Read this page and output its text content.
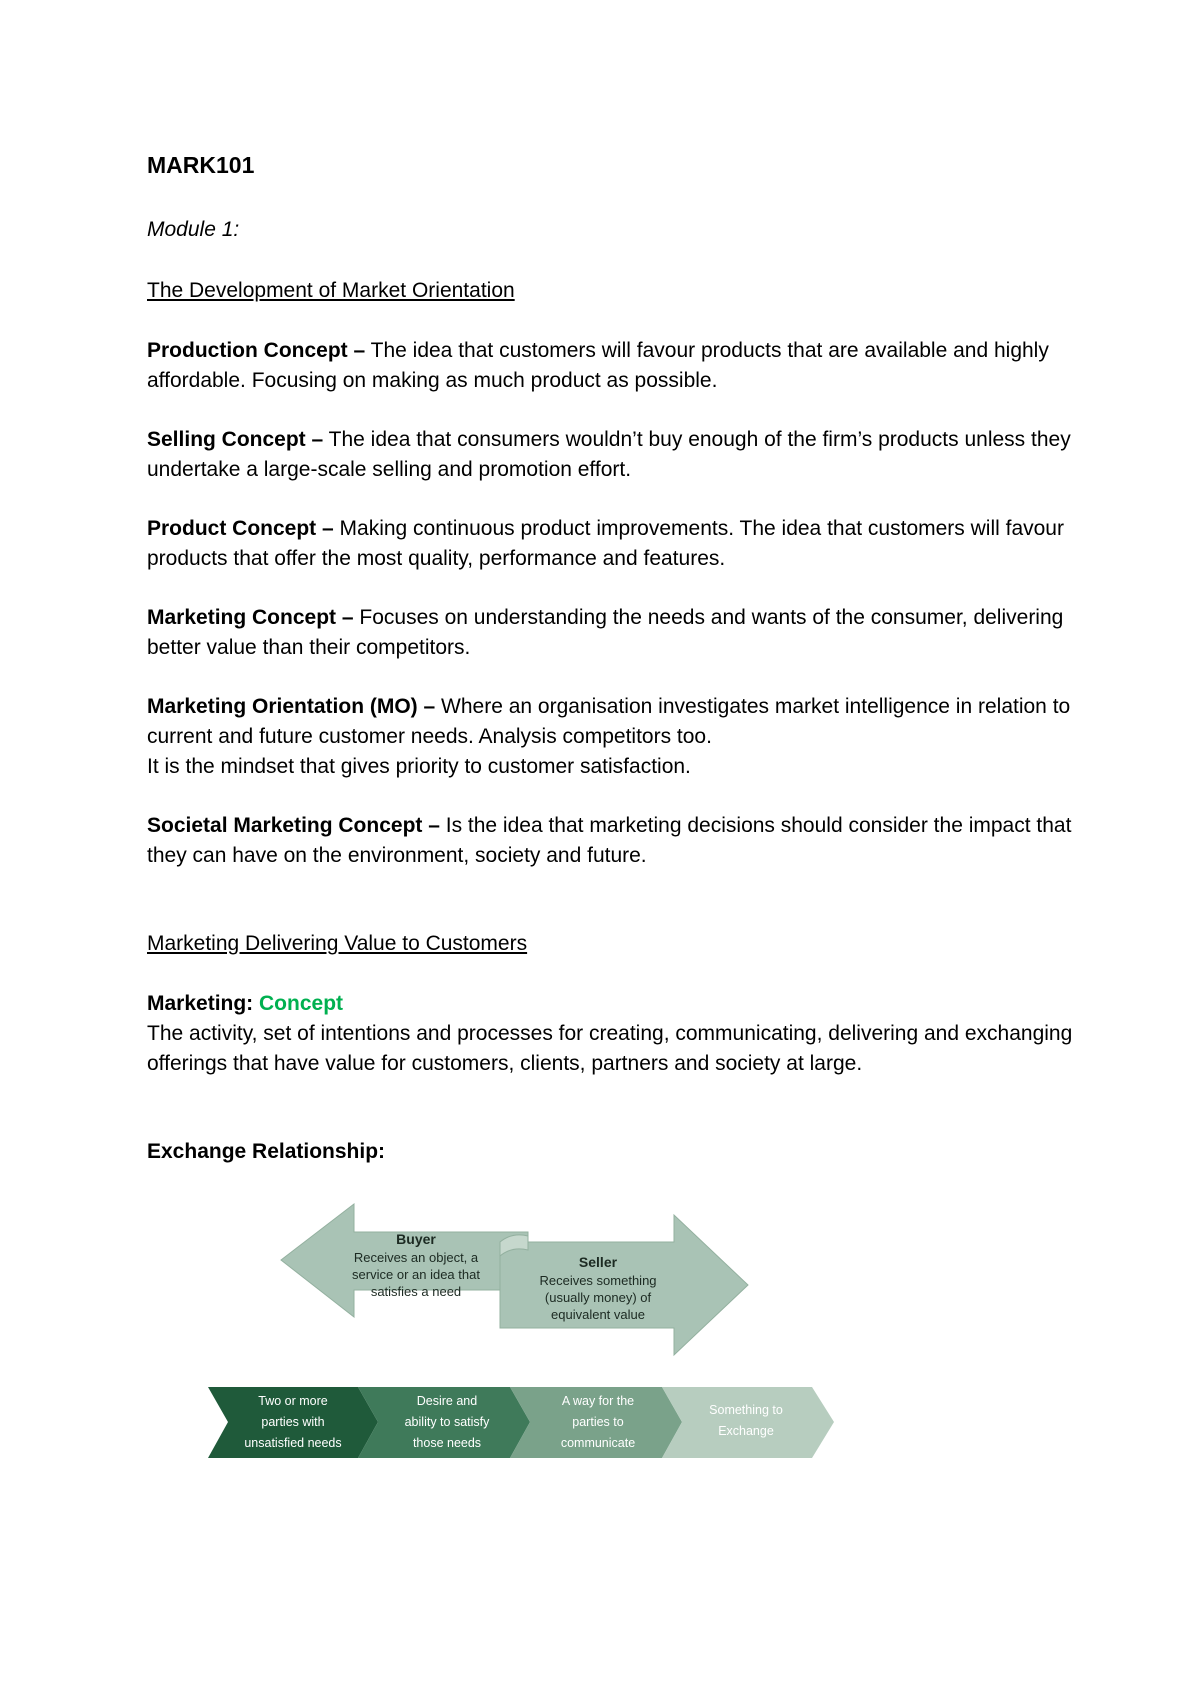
MARK101
Module 1:
The Development of Market Orientation
Production Concept – The idea that customers will favour products that are available and highly affordable. Focusing on making as much product as possible.
Selling Concept – The idea that consumers wouldn’t buy enough of the firm’s products unless they undertake a large-scale selling and promotion effort.
Product Concept – Making continuous product improvements. The idea that customers will favour products that offer the most quality, performance and features.
Marketing Concept – Focuses on understanding the needs and wants of the consumer, delivering better value than their competitors.
Marketing Orientation (MO) – Where an organisation investigates market intelligence in relation to current and future customer needs. Analysis competitors too.
It is the mindset that gives priority to customer satisfaction.
Societal Marketing Concept – Is the idea that marketing decisions should consider the impact that they can have on the environment, society and future.
Marketing Delivering Value to Customers
Marketing: Concept
The activity, set of intentions and processes for creating, communicating, delivering and exchanging offerings that have value for customers, clients, partners and society at large.
Exchange Relationship:
Buyer
Receives an object, a
service or an idea that
satisfies a need
Seller
Receives something
(usually money) of
equivalent value
Two or more
parties with
unsatisfied needs
Desire and
ability to satisfy
those needs
A way for the
parties to
communicate
Something to
Exchange
